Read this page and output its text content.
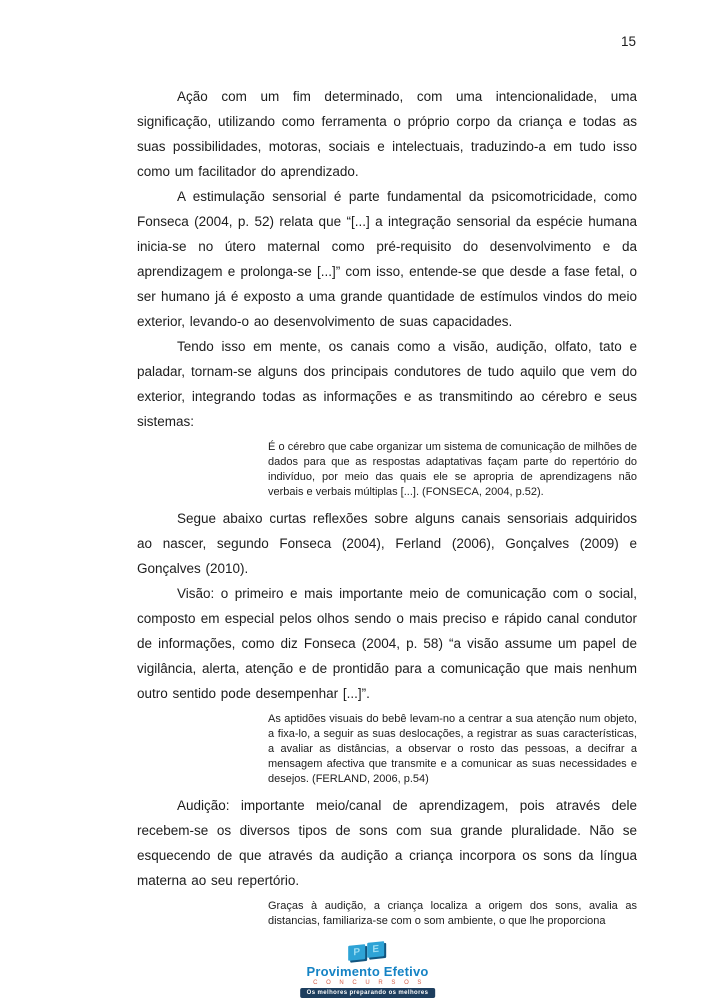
15

Ação com um fim determinado, com uma intencionalidade, uma significação, utilizando como ferramenta o próprio corpo da criança e todas as suas possibilidades, motoras, sociais e intelectuais, traduzindo-a em tudo isso como um facilitador do aprendizado.

A estimulação sensorial é parte fundamental da psicomotricidade, como Fonseca (2004, p. 52) relata que “[...] a integração sensorial da espécie humana inicia-se no útero maternal como pré-requisito do desenvolvimento e da aprendizagem e prolonga-se [...]” com isso, entende-se que desde a fase fetal, o ser humano já é exposto a uma grande quantidade de estímulos vindos do meio exterior, levando-o ao desenvolvimento de suas capacidades.

Tendo isso em mente, os canais como a visão, audição, olfato, tato e paladar, tornam-se alguns dos principais condutores de tudo aquilo que vem do exterior, integrando todas as informações e as transmitindo ao cérebro e seus sistemas:

É o cérebro que cabe organizar um sistema de comunicação de milhões de dados para que as respostas adaptativas façam parte do repertório do indivíduo, por meio das quais ele se apropria de aprendizagens não verbais e verbais múltiplas [...]. (FONSECA, 2004, p.52).

Segue abaixo curtas reflexões sobre alguns canais sensoriais adquiridos ao nascer, segundo Fonseca (2004), Ferland (2006), Gonçalves (2009) e Gonçalves (2010).

Visão: o primeiro e mais importante meio de comunicação com o social, composto em especial pelos olhos sendo o mais preciso e rápido canal condutor de informações, como diz Fonseca (2004, p. 58) “a visão assume um papel de vigilância, alerta, atenção e de prontidão para a comunicação que mais nenhum outro sentido pode desempenhar [...]”.

As aptidões visuais do bebê levam-no a centrar a sua atenção num objeto, a fixa-lo, a seguir as suas deslocações, a registrar as suas características, a avaliar as distâncias, a observar o rosto das pessoas, a decifrar a mensagem afectiva que transmite e a comunicar as suas necessidades e desejos. (FERLAND, 2006, p.54)

Audição: importante meio/canal de aprendizagem, pois através dele recebem-se os diversos tipos de sons com sua grande pluralidade. Não se esquecendo de que através da audição a criança incorpora os sons da língua materna ao seu repertório.

Graças à audição, a criança localiza a origem dos sons, avalia as distancias, familiariza-se com o som ambiente, o que lhe proporciona
P	E
Provimento Efetivo
C O N C U R S O S
Os melhores preparando os melhores
